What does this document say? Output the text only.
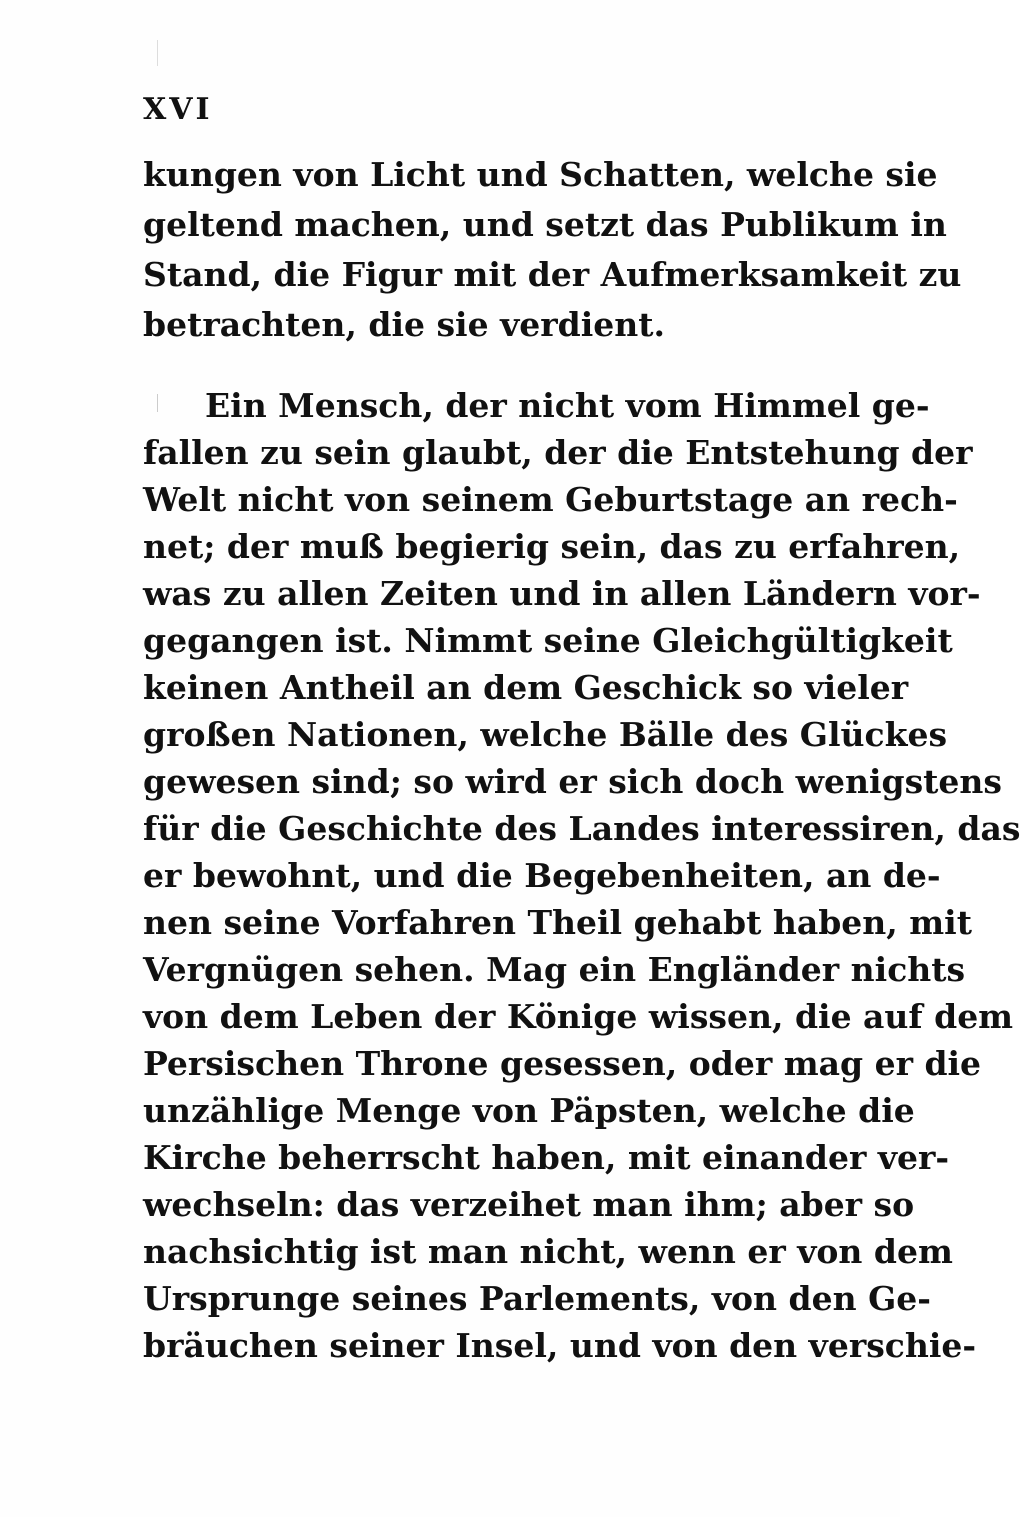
XVI
kungen von Licht und Schatten, welche sie
geltend machen, und setzt das Publikum in
Stand, die Figur mit der Aufmerksamkeit zu
betrachten, die sie verdient.
Ein Mensch, der nicht vom Himmel ge-
fallen zu sein glaubt, der die Entstehung der
Welt nicht von seinem Geburtstage an rech-
net; der muß begierig sein, das zu erfahren,
was zu allen Zeiten und in allen Ländern vor-
gegangen ist. Nimmt seine Gleichgültigkeit
keinen Antheil an dem Geschick so vieler
großen Nationen, welche Bälle des Glückes
gewesen sind; so wird er sich doch wenigstens
für die Geschichte des Landes interessiren, das
er bewohnt, und die Begebenheiten, an de-
nen seine Vorfahren Theil gehabt haben, mit
Vergnügen sehen. Mag ein Engländer nichts
von dem Leben der Könige wissen, die auf dem
Persischen Throne gesessen, oder mag er die
unzählige Menge von Päpsten, welche die
Kirche beherrscht haben, mit einander ver-
wechseln: das verzeihet man ihm; aber so
nachsichtig ist man nicht, wenn er von dem
Ursprunge seines Parlements, von den Ge-
bräuchen seiner Insel, und von den verschie-
